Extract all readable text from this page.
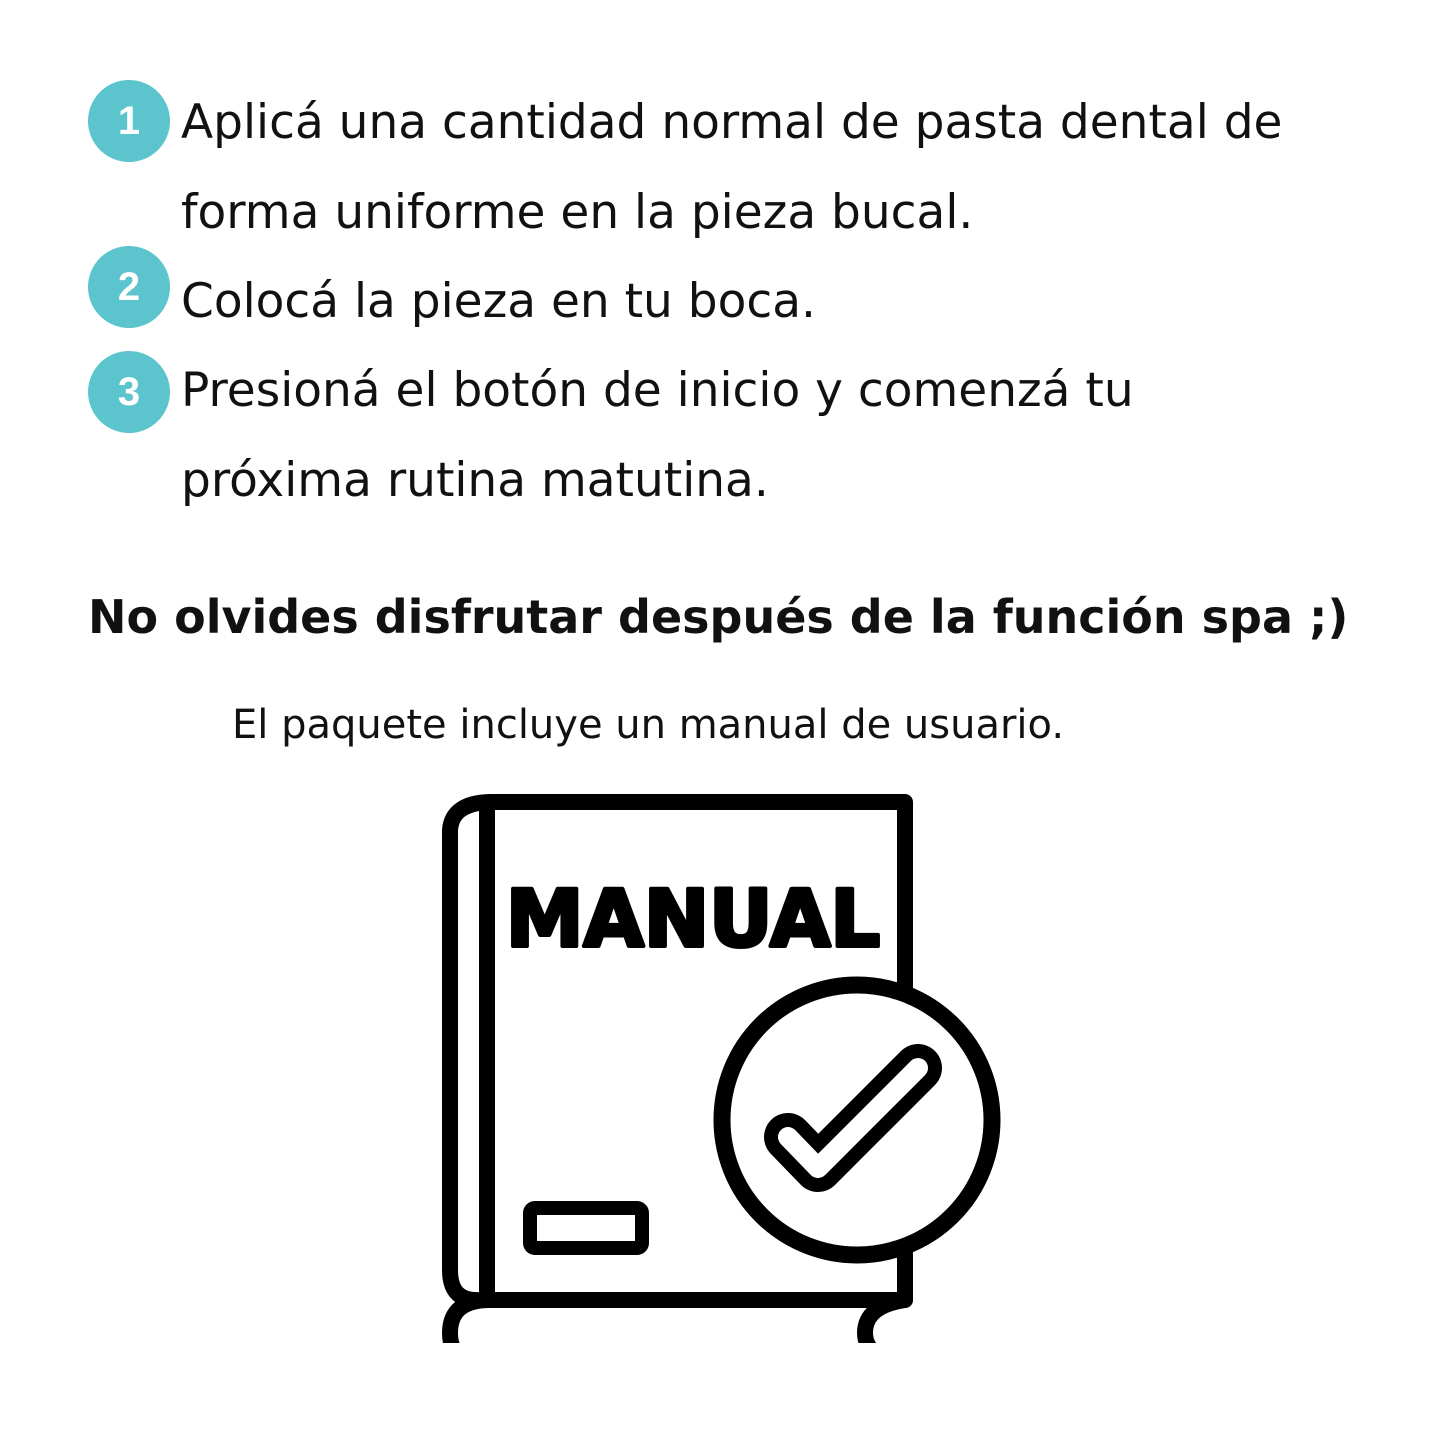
1 Aplicá una cantidad normal de pasta dental de
forma uniforme en la pieza bucal.
2 Colocá la pieza en tu boca.
3 Presioná el botón de inicio y comenzá tu
próxima rutina matutina.
No olvides disfrutar después de la función spa ;)
El paquete incluye un manual de usuario.
MANUAL
